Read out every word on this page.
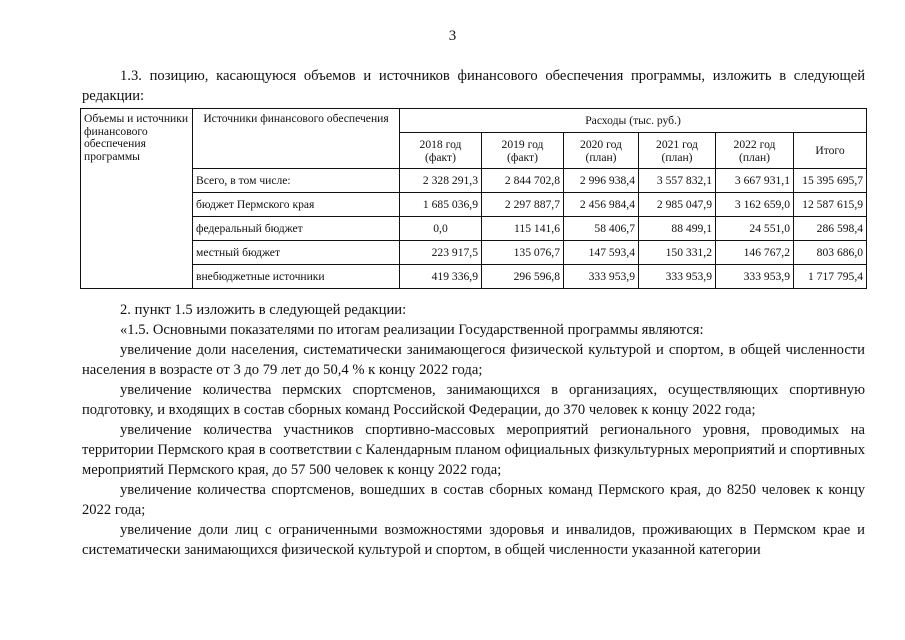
3
1.3. позицию, касающуюся объемов и источников финансового обеспечения программы, изложить в следующей редакции:
Объемы и источники финансового обеспечения программы	Источники финансового обеспечения	Расходы (тыс. руб.)					
		2018 год (факт)	2019 год (факт)	2020 год (план)	2021 год (план)	2022 год (план)	Итого
	Всего, в том числе:	2 328 291,3	2 844 702,8	2 996 938,4	3 557 832,1	3 667 931,1	15 395 695,7
	бюджет Пермского края	1 685 036,9	2 297 887,7	2 456 984,4	2 985 047,9	3 162 659,0	12 587 615,9
	федеральный бюджет	0,0	115 141,6	58 406,7	88 499,1	24 551,0	286 598,4
	местный бюджет	223 917,5	135 076,7	147 593,4	150 331,2	146 767,2	803 686,0
	внебюджетные источники	419 336,9	296 596,8	333 953,9	333 953,9	333 953,9	1 717 795,4
2. пункт 1.5 изложить в следующей редакции:
«1.5. Основными показателями по итогам реализации Государственной программы являются:
увеличение доли населения, систематически занимающегося физической культурой и спортом, в общей численности населения в возрасте от 3 до 79 лет до 50,4 % к концу 2022 года;
увеличение количества пермских спортсменов, занимающихся в организациях, осуществляющих спортивную подготовку, и входящих в состав сборных команд Российской Федерации, до 370 человек к концу 2022 года;
увеличение количества участников спортивно-массовых мероприятий регионального уровня, проводимых на территории Пермского края в соответствии с Календарным планом официальных физкультурных мероприятий и спортивных мероприятий Пермского края, до 57 500 человек к концу 2022 года;
увеличение количества спортсменов, вошедших в состав сборных команд Пермского края, до 8250 человек к концу 2022 года;
увеличение доли лиц с ограниченными возможностями здоровья и инвалидов, проживающих в Пермском крае и систематически занимающихся физической культурой и спортом, в общей численности указанной категории
